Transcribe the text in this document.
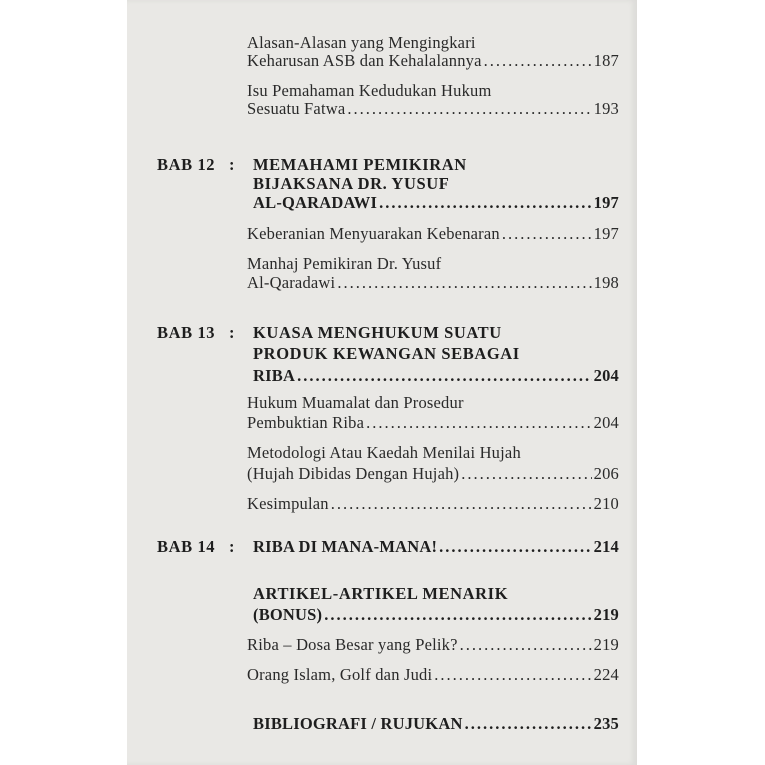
Alasan-Alasan yang Mengingkari
Keharusan ASB dan Kehalalannya .....	187
Isu Pemahaman Kedudukan Hukum
Sesuatu Fatwa .....	193
BAB 12 : MEMAHAMI PEMIKIRAN
BIJAKSANA DR. YUSUF
AL-QARADAWI .....	197
Keberanian Menyuarakan Kebenaran .....	197
Manhaj Pemikiran Dr. Yusuf
Al-Qaradawi .....	198
BAB 13 : KUASA MENGHUKUM SUATU
PRODUK KEWANGAN SEBAGAI
RIBA .....	204
Hukum Muamalat dan Prosedur
Pembuktian Riba .....	204
Metodologi Atau Kaedah Menilai Hujah
(Hujah Dibidas Dengan Hujah) .....	206
Kesimpulan .....	210
BAB 14 : RIBA DI MANA-MANA! .....	214
ARTIKEL-ARTIKEL MENARIK
(BONUS) .....	219
Riba – Dosa Besar yang Pelik? .....	219
Orang Islam, Golf dan Judi .....	224
BIBLIOGRAFI / RUJUKAN .....	235
